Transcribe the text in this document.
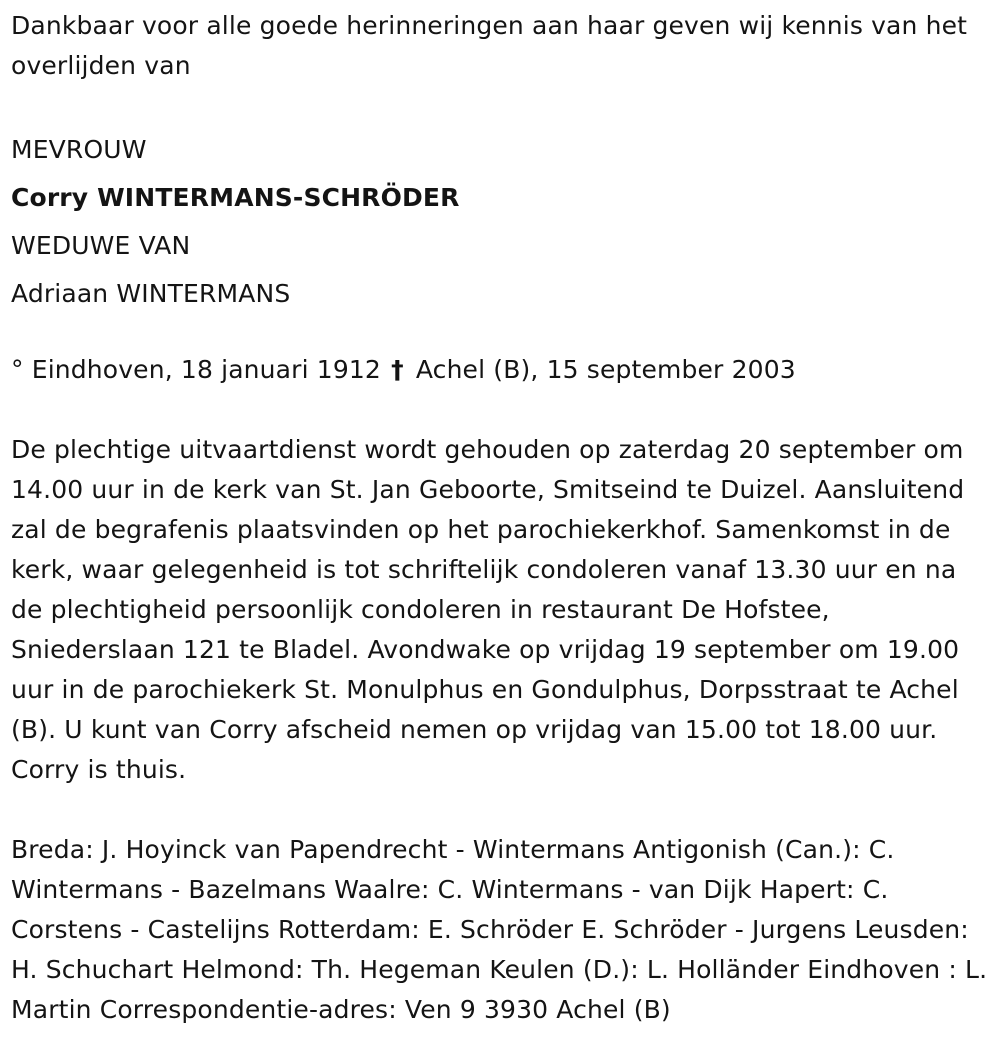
Dankbaar voor alle goede herinneringen aan haar geven wij kennis van het overlijden van

MEVROUW

Corry WINTERMANS-SCHRÖDER

WEDUWE VAN

Adriaan WINTERMANS

° Eindhoven, 18 januari 1912 † Achel (B), 15 september 2003

De plechtige uitvaartdienst wordt gehouden op zaterdag 20 september om 14.00 uur in de kerk van St. Jan Geboorte, Smitseind te Duizel. Aansluitend zal de begrafenis plaatsvinden op het parochiekerkhof. Samenkomst in de kerk, waar gelegenheid is tot schriftelijk condoleren vanaf 13.30 uur en na de plechtigheid persoonlijk condoleren in restaurant De Hofstee, Sniederslaan 121 te Bladel. Avondwake op vrijdag 19 september om 19.00 uur in de parochiekerk St. Monulphus en Gondulphus, Dorpsstraat te Achel (B). U kunt van Corry afscheid nemen op vrijdag van 15.00 tot 18.00 uur. Corry is thuis.

Breda: J. Hoyinck van Papendrecht - Wintermans Antigonish (Can.): C. Wintermans - Bazelmans Waalre: C. Wintermans - van Dijk Hapert: C. Corstens - Castelijns Rotterdam: E. Schröder E. Schröder - Jurgens Leusden: H. Schuchart Helmond: Th. Hegeman Keulen (D.): L. Holländer Eindhoven : L. Martin Correspondentie-adres: Ven 9 3930 Achel (B)
